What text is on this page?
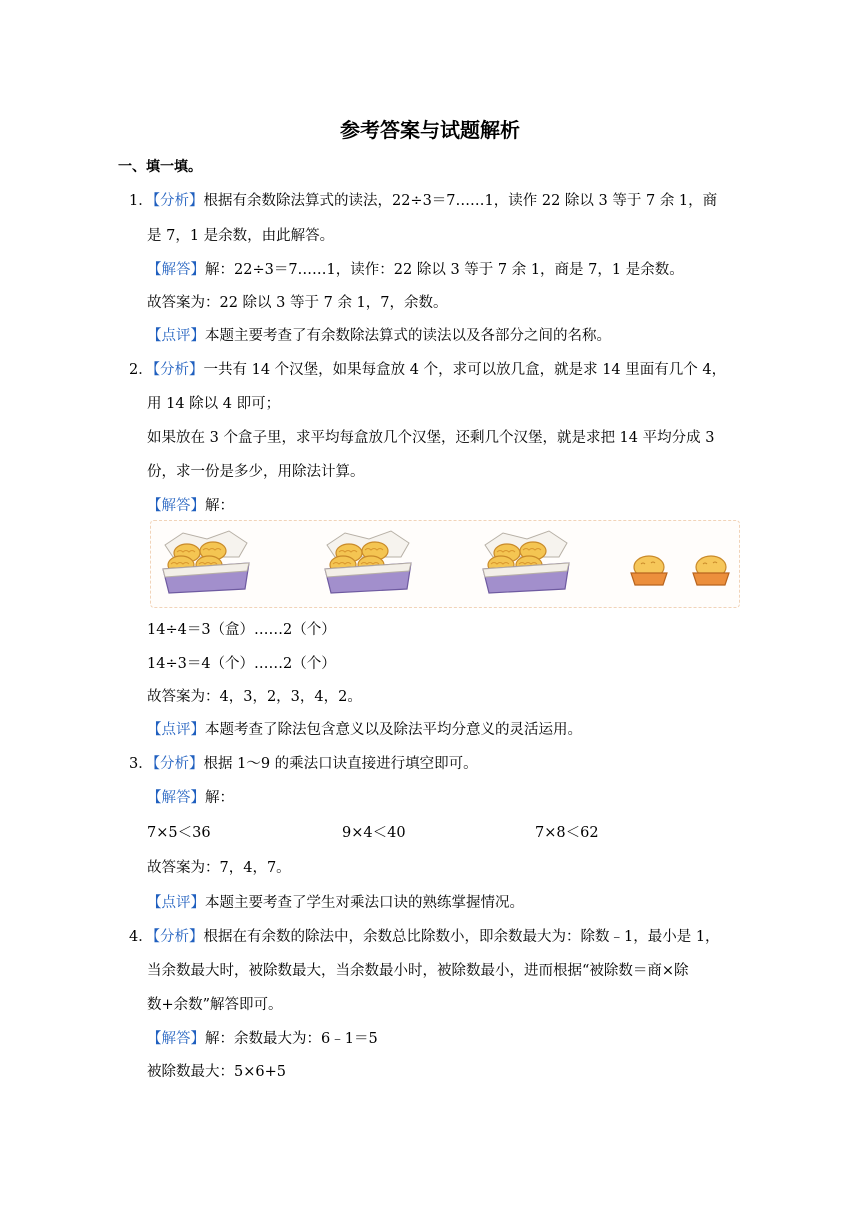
参考答案与试题解析
一、填一填。
1．【分析】根据有余数除法算式的读法，22÷3＝7……1，读作 22 除以 3 等于 7 余 1，商
是 7，1 是余数，由此解答。
【解答】解：22÷3＝7……1，读作：22 除以 3 等于 7 余 1，商是 7，1 是余数。
故答案为：22 除以 3 等于 7 余 1，7，余数。
【点评】本题主要考查了有余数除法算式的读法以及各部分之间的名称。
2．【分析】一共有 14 个汉堡，如果每盒放 4 个，求可以放几盒，就是求 14 里面有几个 4，
用 14 除以 4 即可；
如果放在 3 个盒子里，求平均每盒放几个汉堡，还剩几个汉堡，就是求把 14 平均分成 3
份，求一份是多少，用除法计算。
【解答】解：
14÷4＝3（盒）……2（个）
14÷3＝4（个）……2（个）
故答案为：4，3，2，3，4，2。
【点评】本题考查了除法包含意义以及除法平均分意义的灵活运用。
3．【分析】根据 1～9 的乘法口诀直接进行填空即可。
【解答】解：
7×5＜36	9×4＜40	7×8＜62
故答案为：7，4，7。
【点评】本题主要考查了学生对乘法口诀的熟练掌握情况。
4．【分析】根据在有余数的除法中，余数总比除数小，即余数最大为：除数﹣1，最小是 1，
当余数最大时，被除数最大，当余数最小时，被除数最小，进而根据“被除数＝商×除
数+余数”解答即可。
【解答】解：余数最大为：6﹣1＝5
被除数最大：5×6+5
